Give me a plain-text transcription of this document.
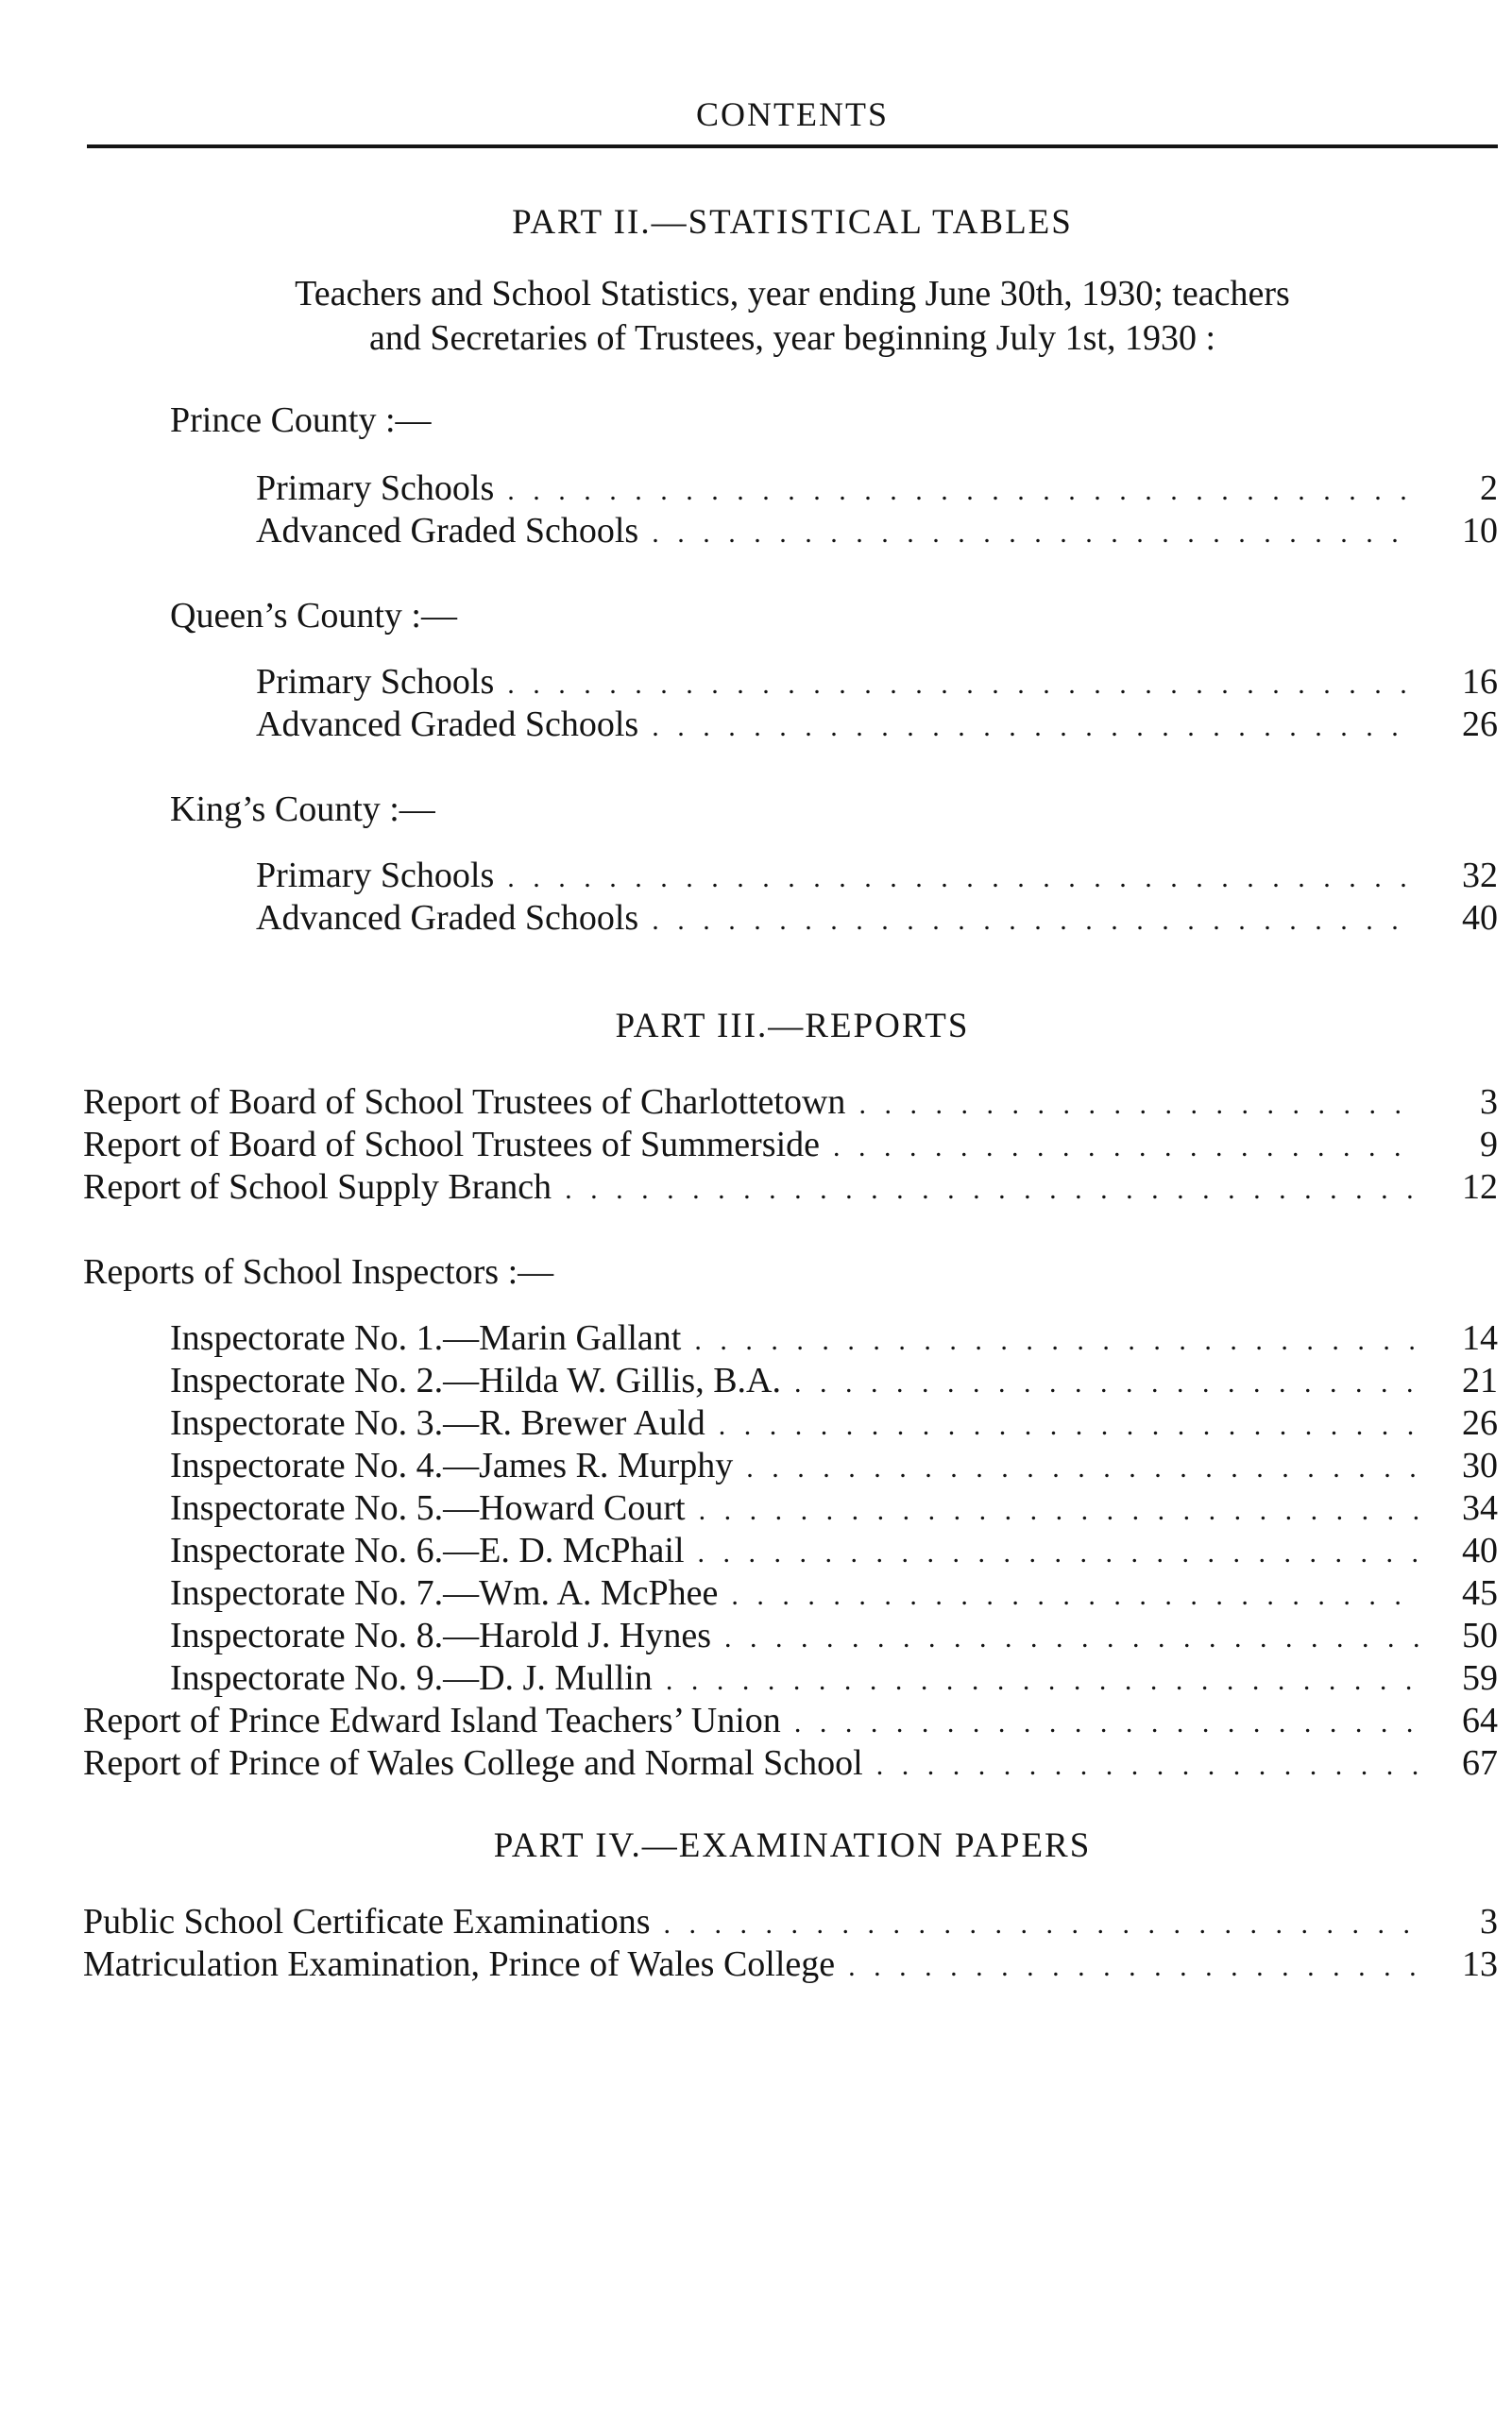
CONTENTS
PART II.—STATISTICAL TABLES
Teachers and School Statistics, year ending June 30th, 1930; teachers
and Secretaries of Trustees, year beginning July 1st, 1930 :
Prince County :—
Primary Schools . . .	2
Advanced Graded Schools . . .	10
Queen’s County :—
Primary Schools . . .	16
Advanced Graded Schools . . .	26
King’s County :—
Primary Schools . . .	32
Advanced Graded Schools . . .	40
PART III.—REPORTS
Report of Board of School Trustees of Charlottetown . . .	3
Report of Board of School Trustees of Summerside . . .	9
Report of School Supply Branch . . .	12
Reports of School Inspectors :—
Inspectorate No. 1.—Marin Gallant . . .	14
Inspectorate No. 2.—Hilda W. Gillis, B.A. . . .	21
Inspectorate No. 3.—R. Brewer Auld . . .	26
Inspectorate No. 4.—James R. Murphy . . .	30
Inspectorate No. 5.—Howard Court . . .	34
Inspectorate No. 6.—E. D. McPhail . . .	40
Inspectorate No. 7.—Wm. A. McPhee . . .	45
Inspectorate No. 8.—Harold J. Hynes . . .	50
Inspectorate No. 9.—D. J. Mullin . . .	59
Report of Prince Edward Island Teachers’ Union . . .	64
Report of Prince of Wales College and Normal School . . .	67
PART IV.—EXAMINATION PAPERS
Public School Certificate Examinations . . .	3
Matriculation Examination, Prince of Wales College . . .	13
